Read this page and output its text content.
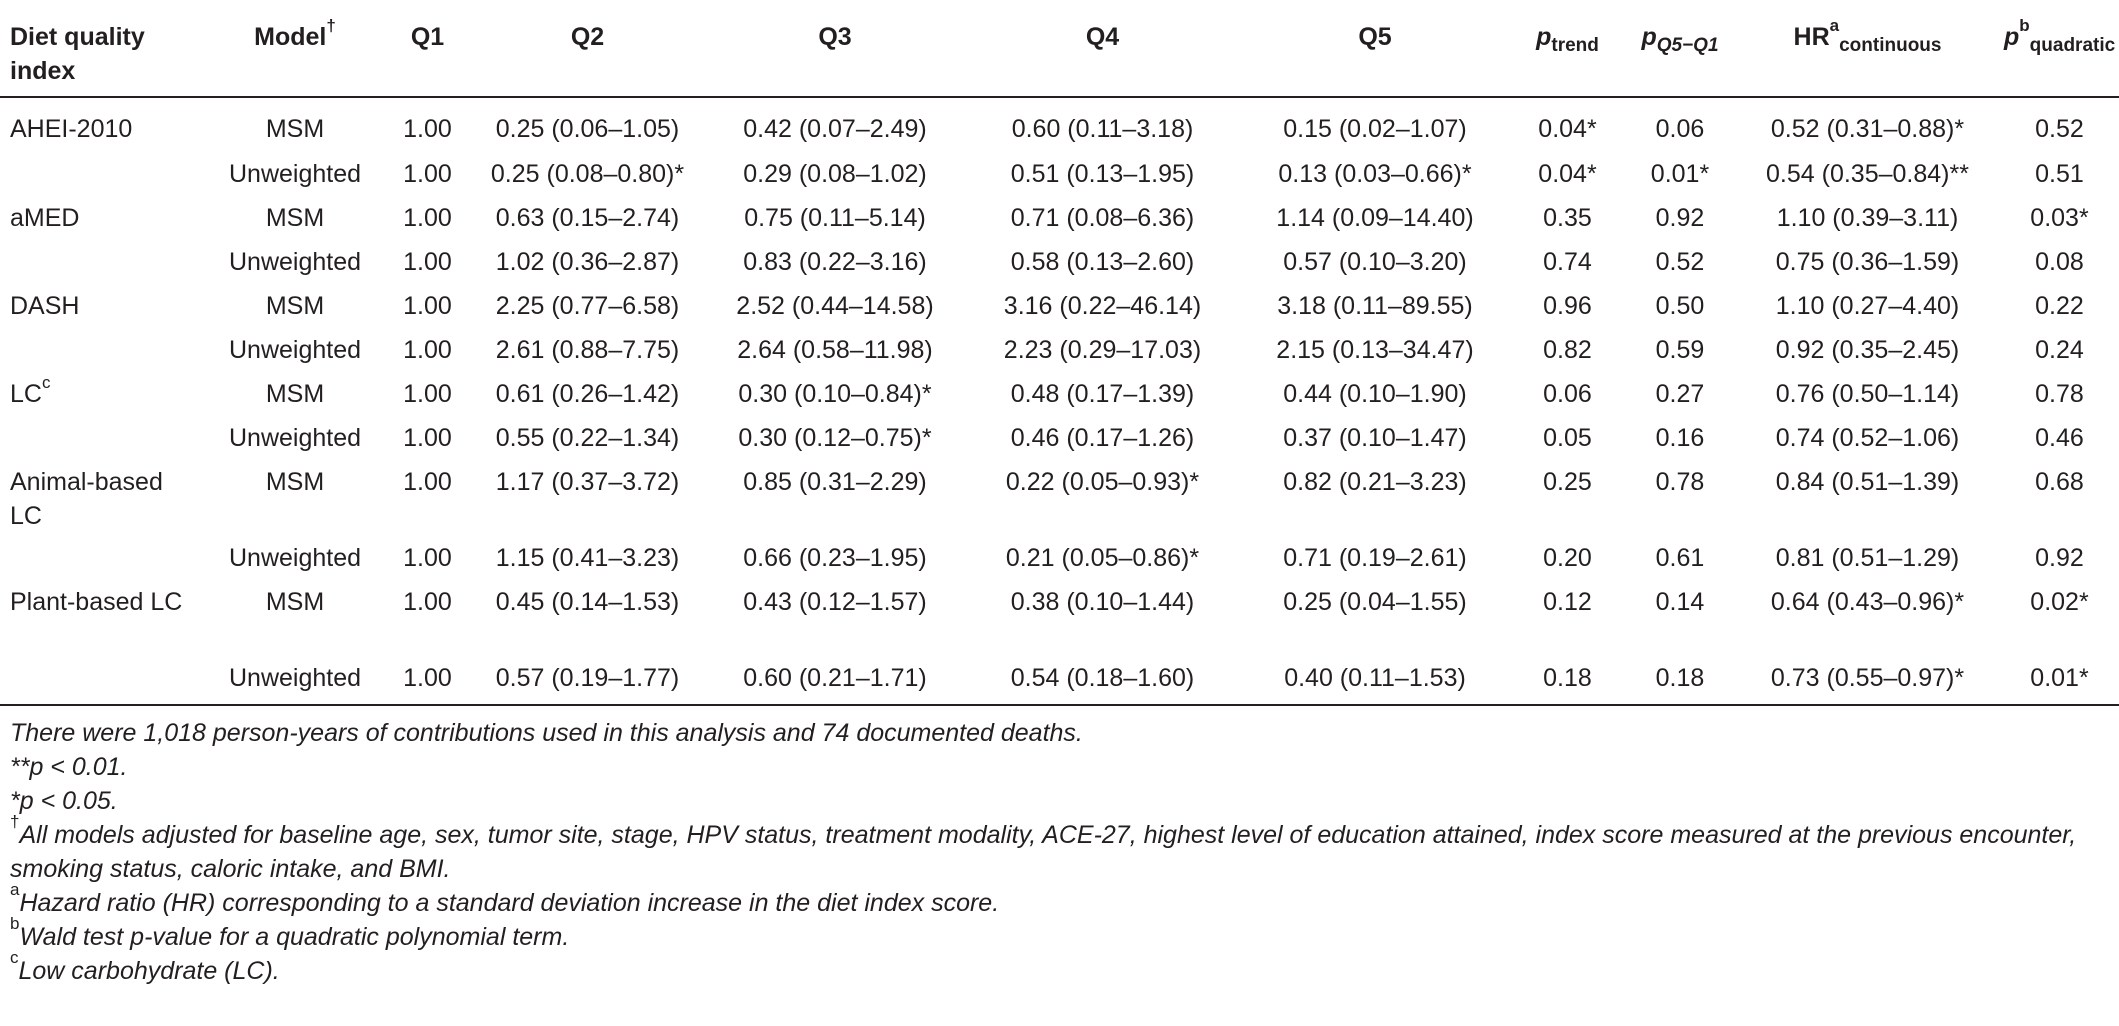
Diet quality index	Model†	Q1	Q2	Q3	Q4	Q5	$p_{trend}$	$p_{Q5-Q1}$	$HR^a_{continuous}$	$p^b_{quadratic}$
AHEI-2010	MSM	1.00	0.25 (0.06–1.05)	0.42 (0.07–2.49)	0.60 (0.11–3.18)	0.15 (0.02–1.07)	0.04*	0.06	0.52 (0.31–0.88)*	0.52
	Unweighted	1.00	0.25 (0.08–0.80)*	0.29 (0.08–1.02)	0.51 (0.13–1.95)	0.13 (0.03–0.66)*	0.04*	0.01*	0.54 (0.35–0.84)**	0.51
aMED	MSM	1.00	0.63 (0.15–2.74)	0.75 (0.11–5.14)	0.71 (0.08–6.36)	1.14 (0.09–14.40)	0.35	0.92	1.10 (0.39–3.11)	0.03*
	Unweighted	1.00	1.02 (0.36–2.87)	0.83 (0.22–3.16)	0.58 (0.13–2.60)	0.57 (0.10–3.20)	0.74	0.52	0.75 (0.36–1.59)	0.08
DASH	MSM	1.00	2.25 (0.77–6.58)	2.52 (0.44–14.58)	3.16 (0.22–46.14)	3.18 (0.11–89.55)	0.96	0.50	1.10 (0.27–4.40)	0.22
	Unweighted	1.00	2.61 (0.88–7.75)	2.64 (0.58–11.98)	2.23 (0.29–17.03)	2.15 (0.13–34.47)	0.82	0.59	0.92 (0.35–2.45)	0.24
$LC^c$	MSM	1.00	0.61 (0.26–1.42)	0.30 (0.10–0.84)*	0.48 (0.17–1.39)	0.44 (0.10–1.90)	0.06	0.27	0.76 (0.50–1.14)	0.78
	Unweighted	1.00	0.55 (0.22–1.34)	0.30 (0.12–0.75)*	0.46 (0.17–1.26)	0.37 (0.10–1.47)	0.05	0.16	0.74 (0.52–1.06)	0.46
Animal-based LC	MSM	1.00	1.17 (0.37–3.72)	0.85 (0.31–2.29)	0.22 (0.05–0.93)*	0.82 (0.21–3.23)	0.25	0.78	0.84 (0.51–1.39)	0.68
	Unweighted	1.00	1.15 (0.41–3.23)	0.66 (0.23–1.95)	0.21 (0.05–0.86)*	0.71 (0.19–2.61)	0.20	0.61	0.81 (0.51–1.29)	0.92
Plant-based LC	MSM	1.00	0.45 (0.14–1.53)	0.43 (0.12–1.57)	0.38 (0.10–1.44)	0.25 (0.04–1.55)	0.12	0.14	0.64 (0.43–0.96)*	0.02*
	Unweighted	1.00	0.57 (0.19–1.77)	0.60 (0.21–1.71)	0.54 (0.18–1.60)	0.40 (0.11–1.53)	0.18	0.18	0.73 (0.55–0.97)*	0.01*
There were 1,018 person-years of contributions used in this analysis and 74 documented deaths.
**p < 0.01.
*p < 0.05.
†All models adjusted for baseline age, sex, tumor site, stage, HPV status, treatment modality, ACE-27, highest level of education attained, index score measured at the previous encounter, smoking status, caloric intake, and BMI.
$^a$Hazard ratio (HR) corresponding to a standard deviation increase in the diet index score.
$^b$Wald test p-value for a quadratic polynomial term.
$^c$Low carbohydrate (LC).
